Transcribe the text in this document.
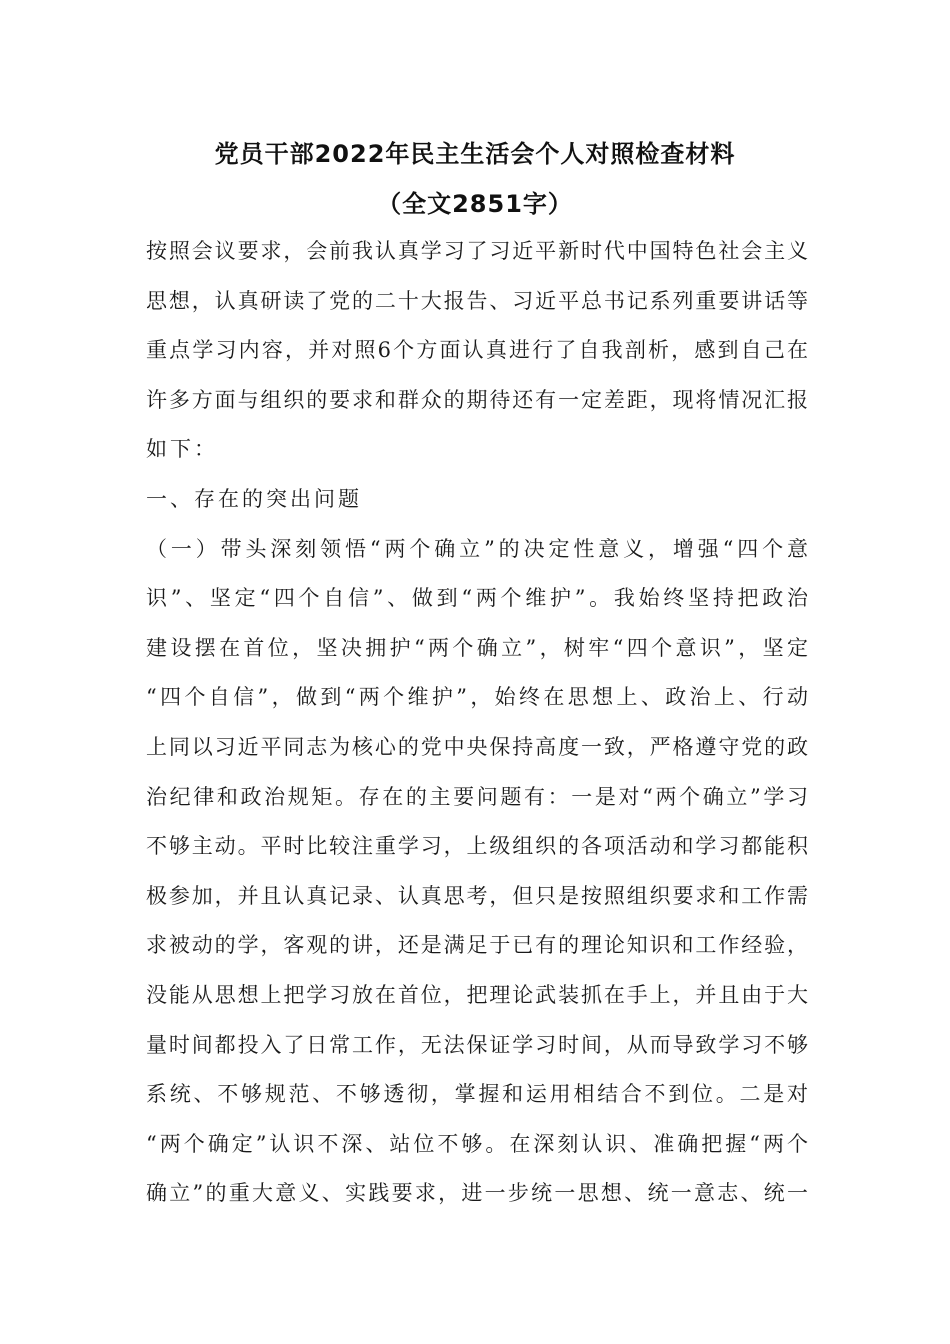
党员干部2022年民主生活会个人对照检查材料
（全文2851字）
按照会议要求，会前我认真学习了习近平新时代中国特色社会主义
思想，认真研读了党的二十大报告、习近平总书记系列重要讲话等
重点学习内容，并对照6个方面认真进行了自我剖析，感到自己在
许多方面与组织的要求和群众的期待还有一定差距，现将情况汇报
如下：
一、存在的突出问题
（一）带头深刻领悟“两个确立”的决定性意义，增强“四个意
识”、坚定“四个自信”、做到“两个维护”。我始终坚持把政治
建设摆在首位，坚决拥护“两个确立”，树牢“四个意识”，坚定
“四个自信”，做到“两个维护”，始终在思想上、政治上、行动
上同以习近平同志为核心的党中央保持高度一致，严格遵守党的政
治纪律和政治规矩。存在的主要问题有：一是对“两个确立”学习
不够主动。平时比较注重学习，上级组织的各项活动和学习都能积
极参加，并且认真记录、认真思考，但只是按照组织要求和工作需
求被动的学，客观的讲，还是满足于已有的理论知识和工作经验，
没能从思想上把学习放在首位，把理论武装抓在手上，并且由于大
量时间都投入了日常工作，无法保证学习时间，从而导致学习不够
系统、不够规范、不够透彻，掌握和运用相结合不到位。二是对
“两个确定”认识不深、站位不够。在深刻认识、准确把握“两个
确立”的重大意义、实践要求，进一步统一思想、统一意志、统一
